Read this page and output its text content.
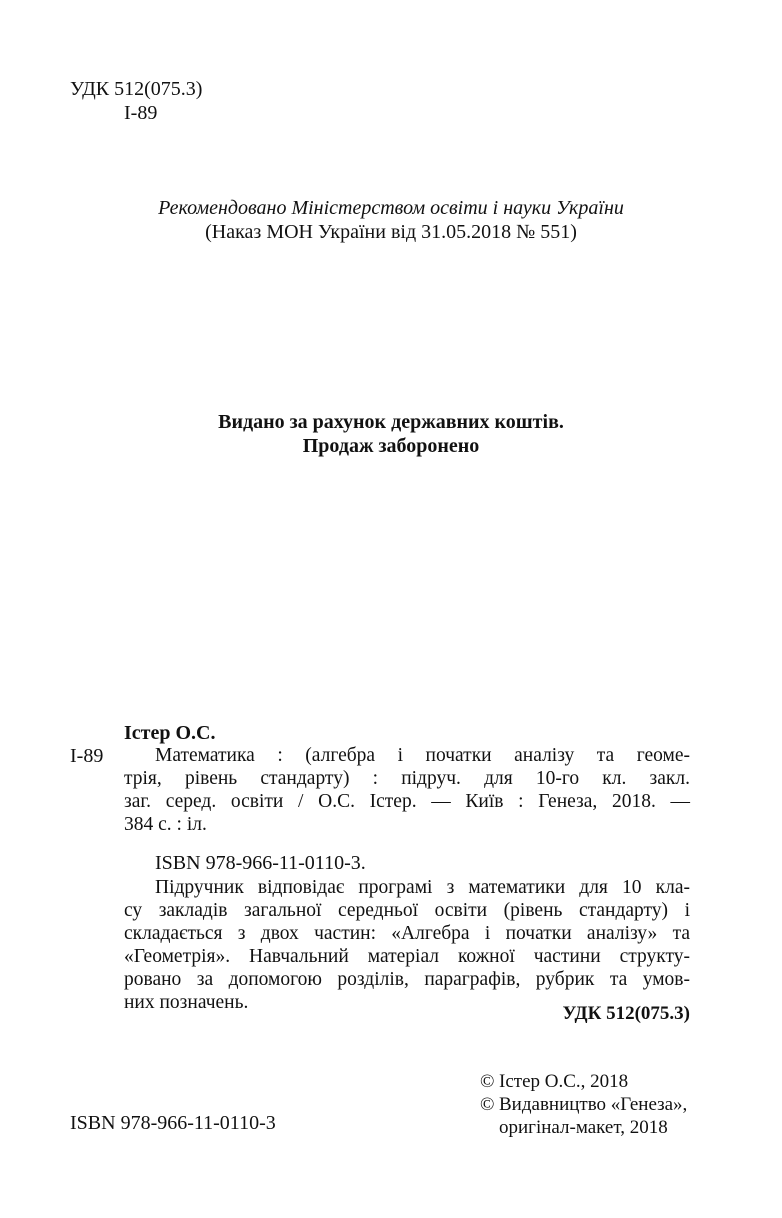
УДК 512(075.3)
І-89
Рекомендовано Міністерством освіти і науки України
(Наказ МОН України від 31.05.2018 № 551)
Видано за рахунок державних коштів.
Продаж заборонено
Істер О.С.
І-89	Математика : (алгебра і початки аналізу та геоме-
трія, рівень стандарту) : підруч. для 10-го кл. закл.
заг. серед. освіти / О.С. Істер. — Київ : Генеза, 2018. —
384 с. : іл.
ISBN 978-966-11-0110-3.
Підручник відповідає програмі з математики для 10 кла-
су закладів загальної середньої освіти (рівень стандарту) і
складається з двох частин: «Алгебра і початки аналізу» та
«Геометрія». Навчальний матеріал кожної частини структу-
ровано за допомогою розділів, параграфів, рубрик та умов-
них позначень.
УДК 512(075.3)
© Істер О.С., 2018
© Видавництво «Генеза»,
оригінал-макет, 2018
ISBN 978-966-11-0110-3
